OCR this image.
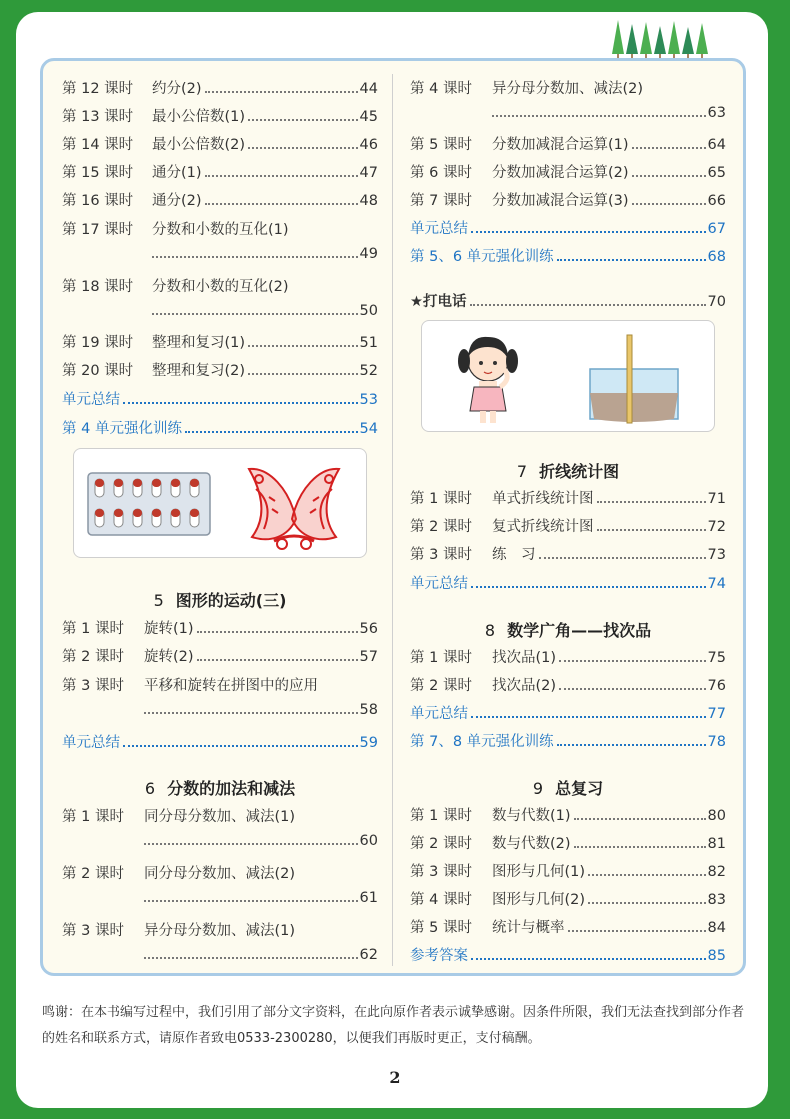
第 12 课时	约分(2)	44
第 13 课时	最小公倍数(1)	45
第 14 课时	最小公倍数(2)	46
第 15 课时	通分(1)	47
第 16 课时	通分(2)	48
第 17 课时	分数和小数的互化(1)
49
第 18 课时	分数和小数的互化(2)
50
第 19 课时	整理和复习(1)	51
第 20 课时	整理和复习(2)	52
单元总结	53
第 4 单元强化训练	54
5 图形的运动(三)
第 1 课时	旋转(1)	56
第 2 课时	旋转(2)	57
第 3 课时	平移和旋转在拼图中的应用
58
单元总结	59
6 分数的加法和减法
第 1 课时	同分母分数加、减法(1)
60
第 2 课时	同分母分数加、减法(2)
61
第 3 课时	异分母分数加、减法(1)
62
第 4 课时	异分母分数加、减法(2)
63
第 5 课时	分数加减混合运算(1)	64
第 6 课时	分数加减混合运算(2)	65
第 7 课时	分数加减混合运算(3)	66
单元总结	67
第 5、6 单元强化训练	68
★打电话	70
7 折线统计图
第 1 课时	单式折线统计图	71
第 2 课时	复式折线统计图	72
第 3 课时	练　习	73
单元总结	74
8 数学广角——找次品
第 1 课时	找次品(1)	75
第 2 课时	找次品(2)	76
单元总结	77
第 7、8 单元强化训练	78
9 总复习
第 1 课时	数与代数(1)	80
第 2 课时	数与代数(2)	81
第 3 课时	图形与几何(1)	82
第 4 课时	图形与几何(2)	83
第 5 课时	统计与概率	84
参考答案	85
鸣谢：在本书编写过程中，我们引用了部分文字资料，在此向原作者表示诚挚感谢。因条件所限，我们无法查找到部分作者的姓名和联系方式，请原作者致电0533-2300280，以便我们再版时更正，支付稿酬。
2
